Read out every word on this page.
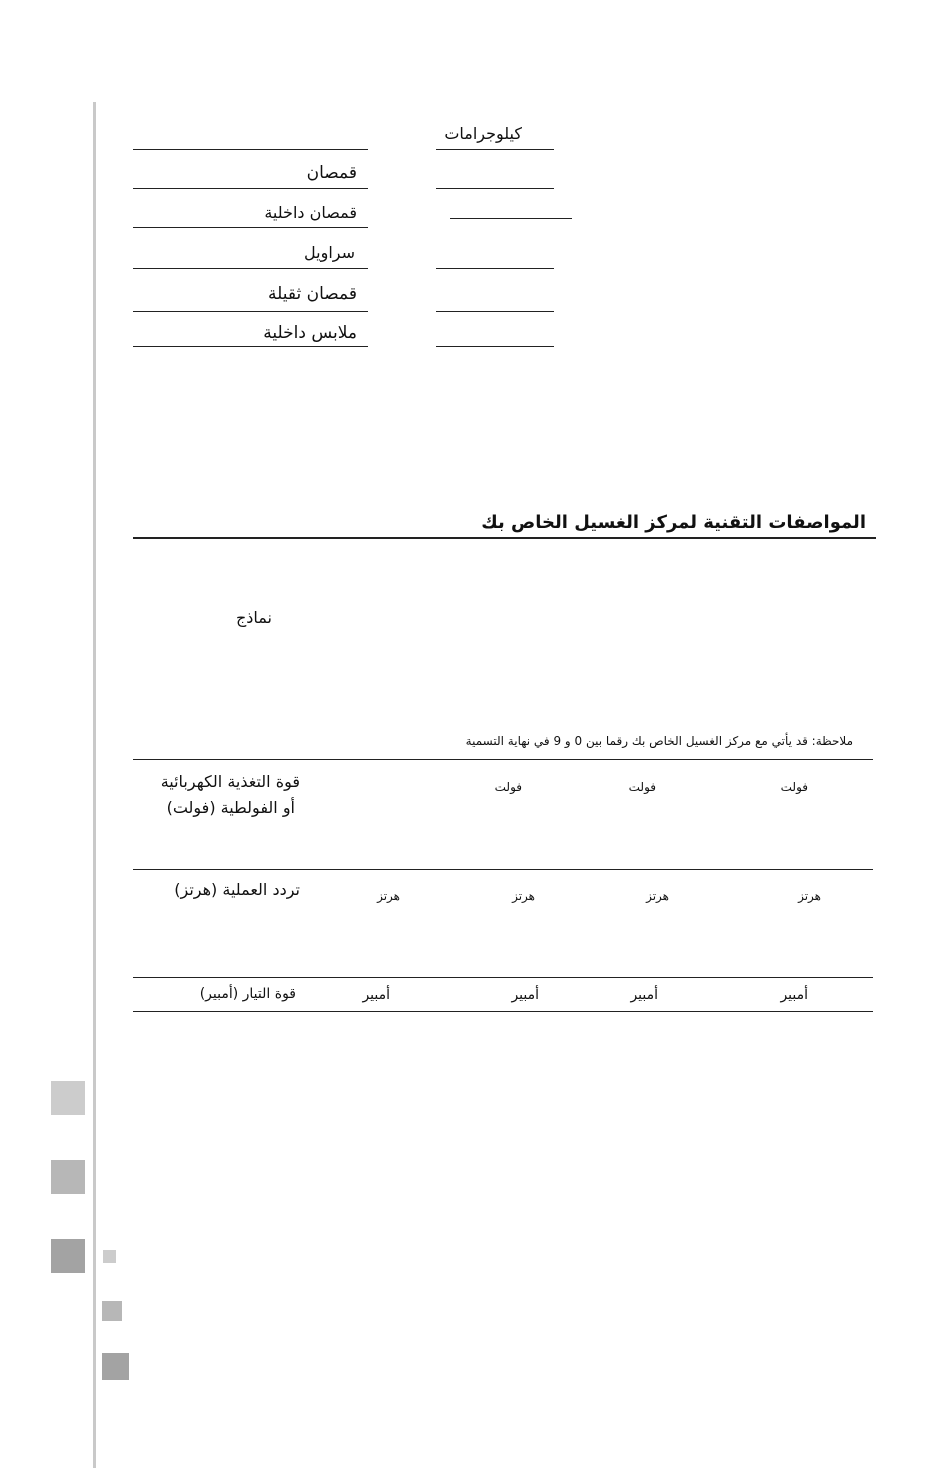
كيلوجرامات
قمصان
قمصان داخلية
سراويل
قمصان ثقيلة
ملابس داخلية
المواصفات التقنية لمركز الغسيل الخاص بك
نماذج
ملاحظة: قد يأتي مع مركز الغسيل الخاص بك رقما بين 0 و 9 في نهاية التسمية
قوة التغذية الكهربائية
أو الفولطية (فولت)
فولت	فولت	فولت
تردد العملية (هرتز)	هرتز	هرتز	هرتز	هرتز
قوة التيار (أمبير)	أمبير	أمبير	أمبير	أمبير
